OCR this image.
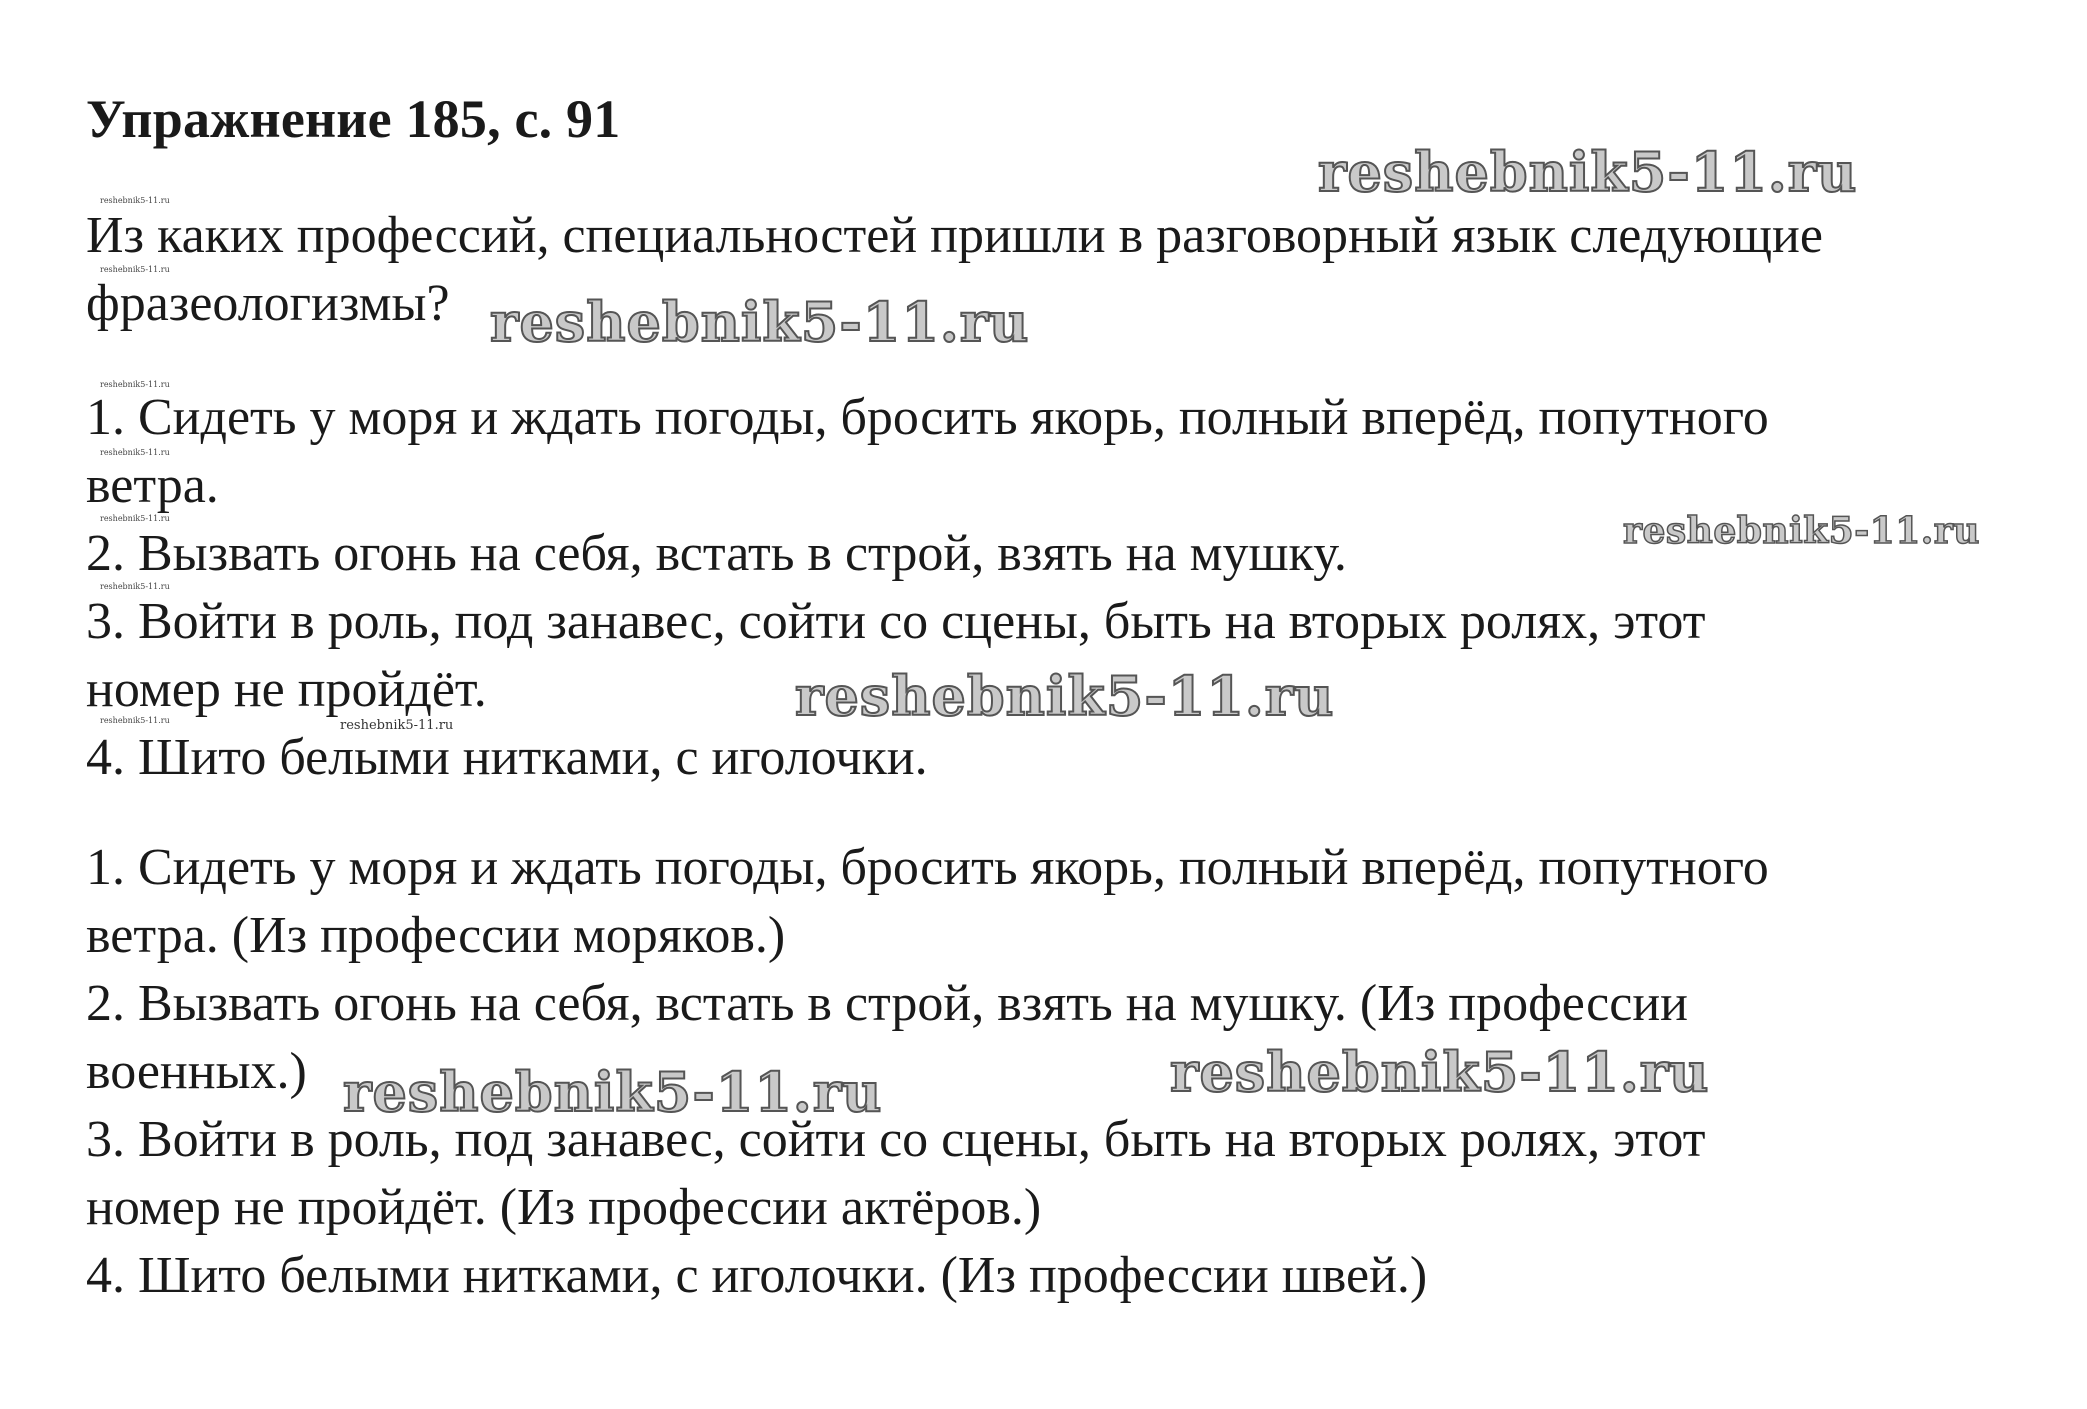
Упражнение 185, с. 91
reshebnik5-11.ru
reshebnik5-11.ru
reshebnik5-11.ru
Из каких профессий, специальностей пришли в разговорный язык следующие
фразеологизмы? reshebnik5-11.ru
reshebnik5-11.ru
1. Сидеть у моря и ждать погоды, бросить якорь, полный вперёд, попутного
reshebnik5-11.ru
ветра.
reshebnik5-11.ru
2. Вызвать огонь на себя, встать в строй, взять на мушку.	reshebnik5-11.ru
reshebnik5-11.ru
3. Войти в роль, под занавес, сойти со сцены, быть на вторых ролях, этот
номер не пройдёт.	reshebnik5-11.ru
reshebnik5-11.ru	reshebnik5-11.ru
4. Шито белыми нитками, с иголочки.
1. Сидеть у моря и ждать погоды, бросить якорь, полный вперёд, попутного
ветра. (Из профессии моряков.)
2. Вызвать огонь на себя, встать в строй, взять на мушку. (Из профессии
военных.) reshebnik5-11.ru	reshebnik5-11.ru
3. Войти в роль, под занавес, сойти со сцены, быть на вторых ролях, этот
номер не пройдёт. (Из профессии актёров.)
4. Шито белыми нитками, с иголочки. (Из профессии швей.)
